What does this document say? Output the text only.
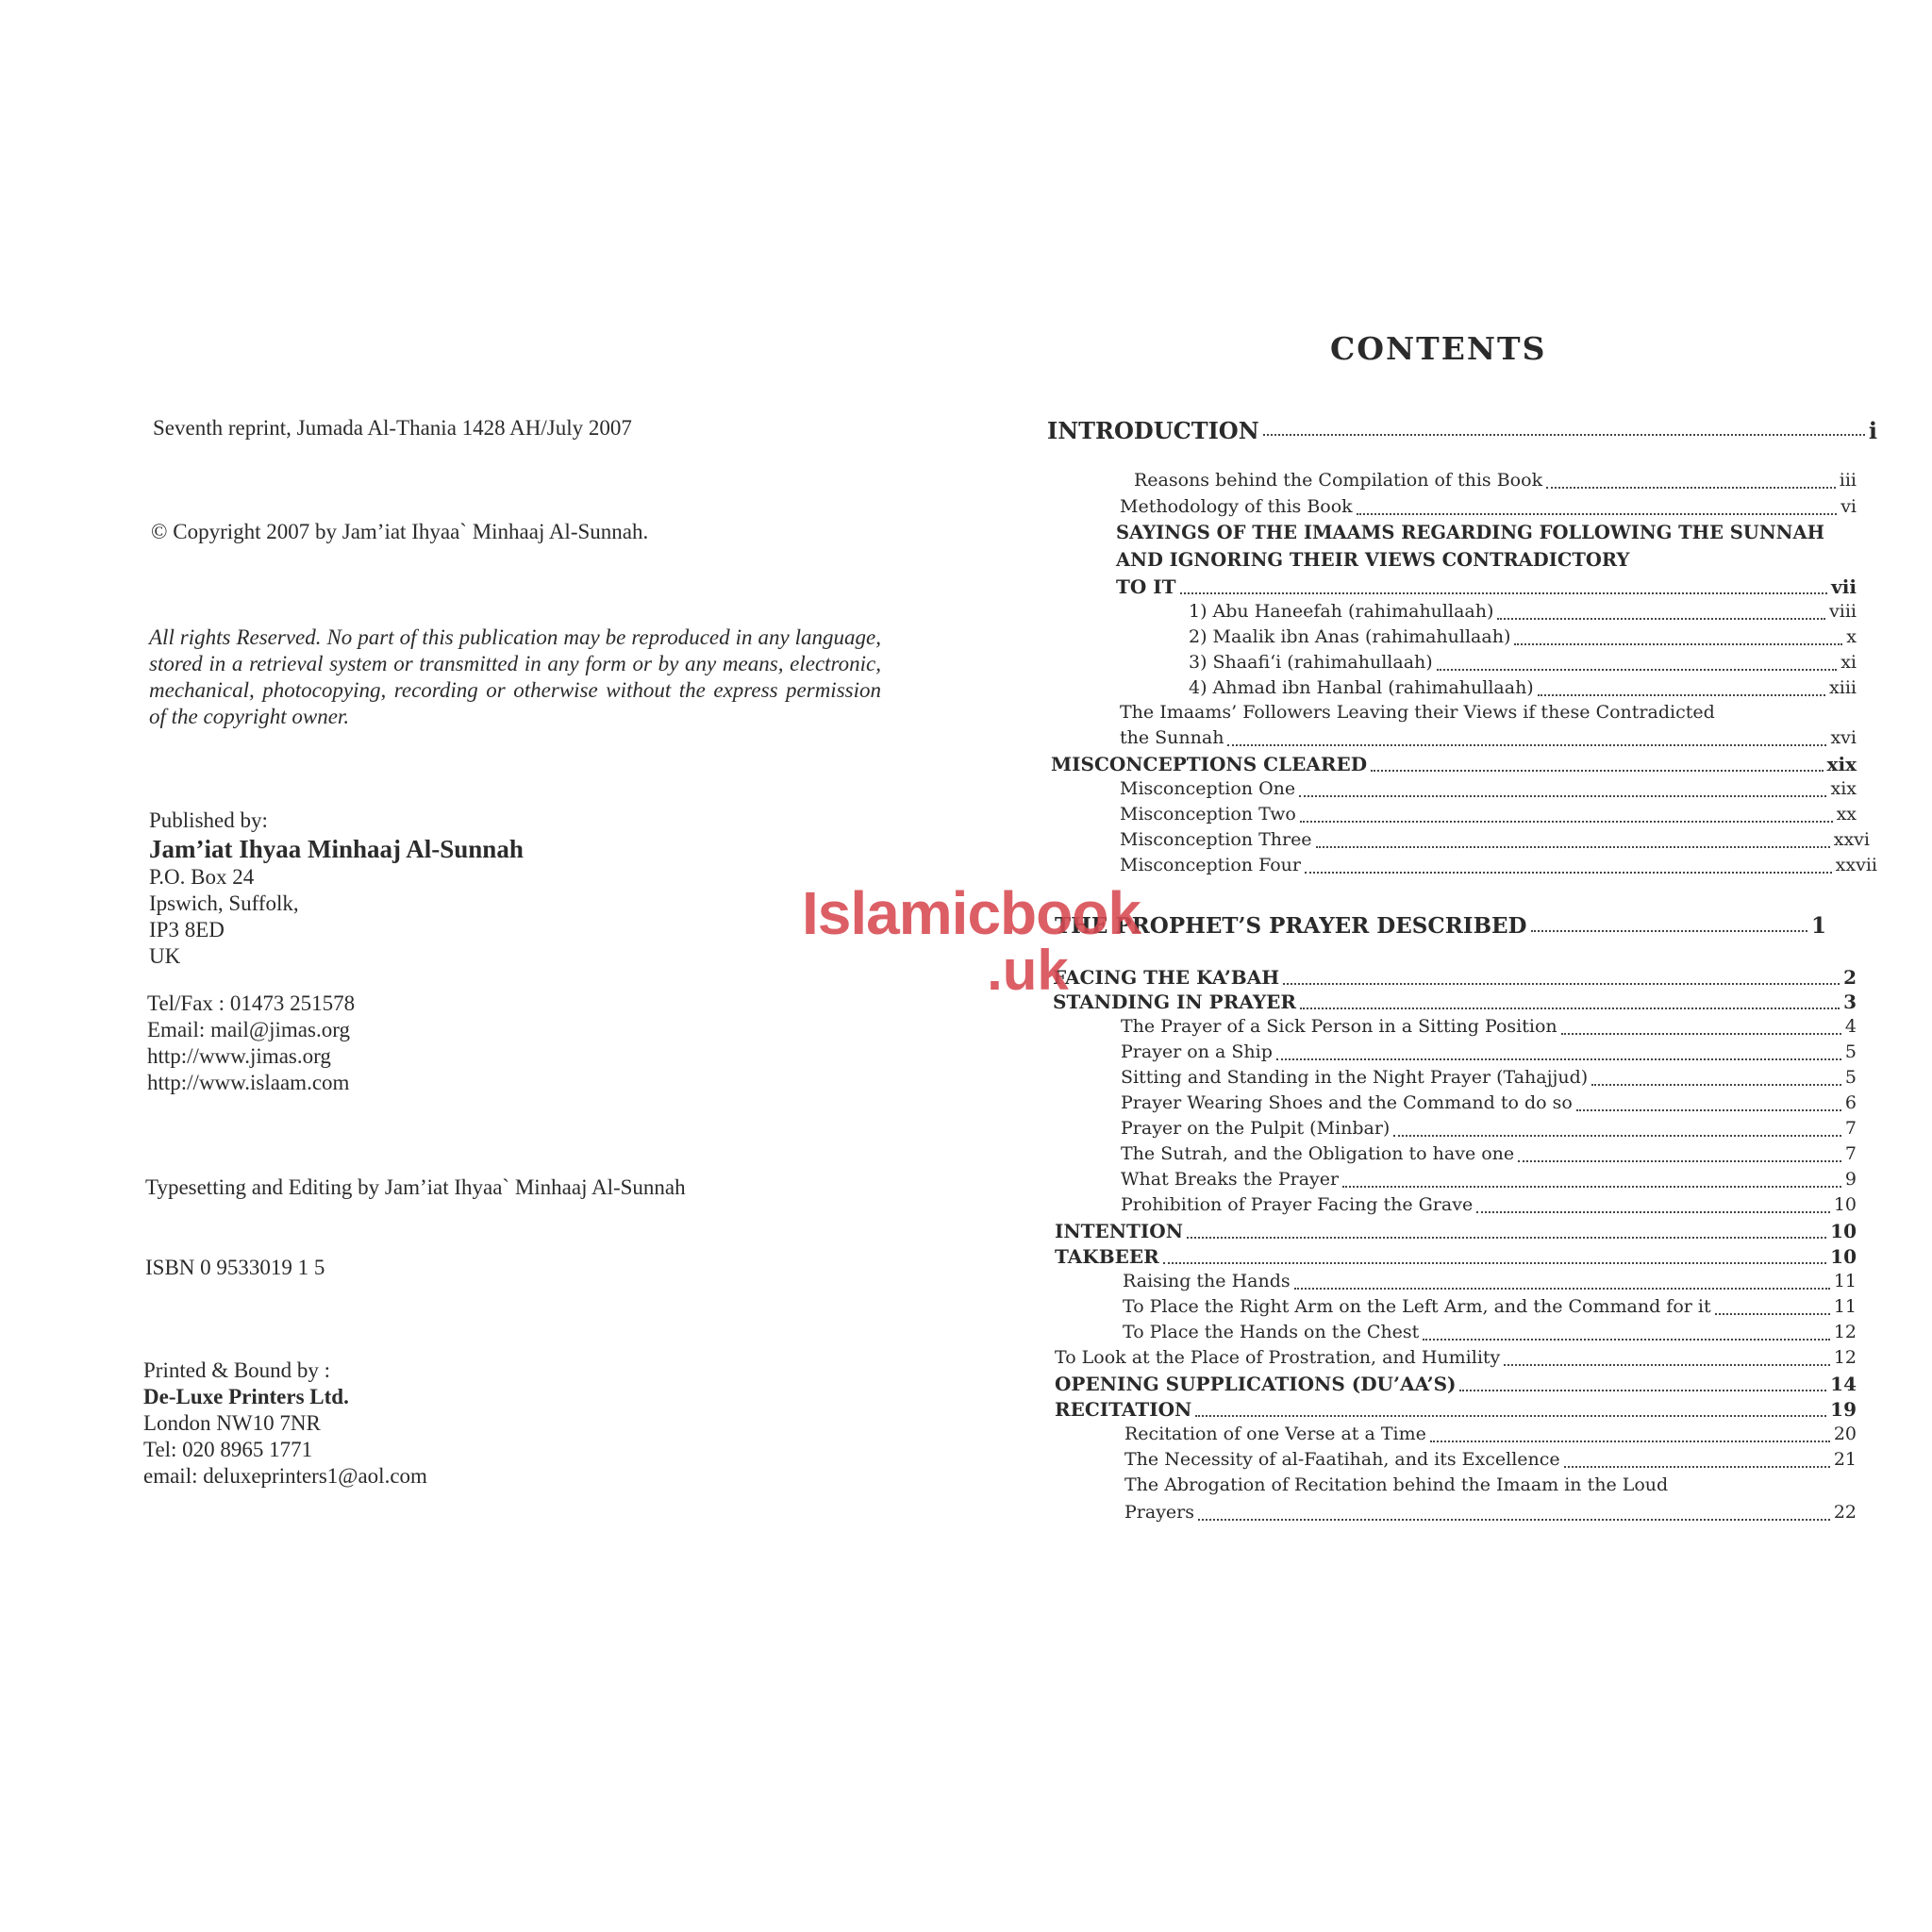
Seventh reprint, Jumada Al-Thania 1428 AH/July 2007

© Copyright 2007 by Jam’iat Ihyaa` Minhaaj Al-Sunnah.

All rights Reserved. No part of this publication may be reproduced in any language, stored in a retrieval system or transmitted in any form or by any means, electronic, mechanical, photocopying, recording or otherwise without the express permission of the copyright owner.

Published by:

Jam’iat Ihyaa Minhaaj Al-Sunnah

P.O. Box 24

Ipswich, Suffolk,

IP3 8ED

UK

Tel/Fax : 01473 251578

Email: mail@jimas.org

http://www.jimas.org

http://www.islaam.com

Typesetting and Editing by Jam’iat Ihyaa` Minhaaj Al-Sunnah

ISBN 0 9533019 1 5

Printed & Bound by :

De-Luxe Printers Ltd.

London NW10 7NR

Tel: 020 8965 1771

email: deluxeprinters1@aol.com

CONTENTS
INTRODUCTION	i
Reasons behind the Compilation of this Book	iii
Methodology of this Book	vi
SAYINGS OF THE IMAAMS REGARDING FOLLOWING THE SUNNAH AND IGNORING THEIR VIEWS CONTRADICTORY
TO IT	vii
1) Abu Haneefah (rahimahullaah)	viii
2) Maalik ibn Anas (rahimahullaah)	x
3) Shaafi‘i (rahimahullaah)	xi
4) Ahmad ibn Hanbal (rahimahullaah)	xiii
The Imaams’ Followers Leaving their Views if these Contradicted
the Sunnah	xvi
MISCONCEPTIONS CLEARED	xix
Misconception One	xix
Misconception Two	xx
Misconception Three	xxvi
Misconception Four	xxvii
THE PROPHET’S PRAYER DESCRIBED	1
FACING THE KA’BAH	2
STANDING IN PRAYER	3
The Prayer of a Sick Person in a Sitting Position	4
Prayer on a Ship	5
Sitting and Standing in the Night Prayer (Tahajjud)	5
Prayer Wearing Shoes and the Command to do so	6
Prayer on the Pulpit (Minbar)	7
The Sutrah, and the Obligation to have one	7
What Breaks the Prayer	9
Prohibition of Prayer Facing the Grave	10
INTENTION	10
TAKBEER	10
Raising the Hands	11
To Place the Right Arm on the Left Arm, and the Command for it	11
To Place the Hands on the Chest	12
To Look at the Place of Prostration, and Humility	12
OPENING SUPPLICATIONS (DU’AA’S)	14
RECITATION	19
Recitation of one Verse at a Time	20
The Necessity of al-Faatihah, and its Excellence	21
The Abrogation of Recitation behind the Imaam in the Loud
Prayers	22
Islamicbook
.uk
